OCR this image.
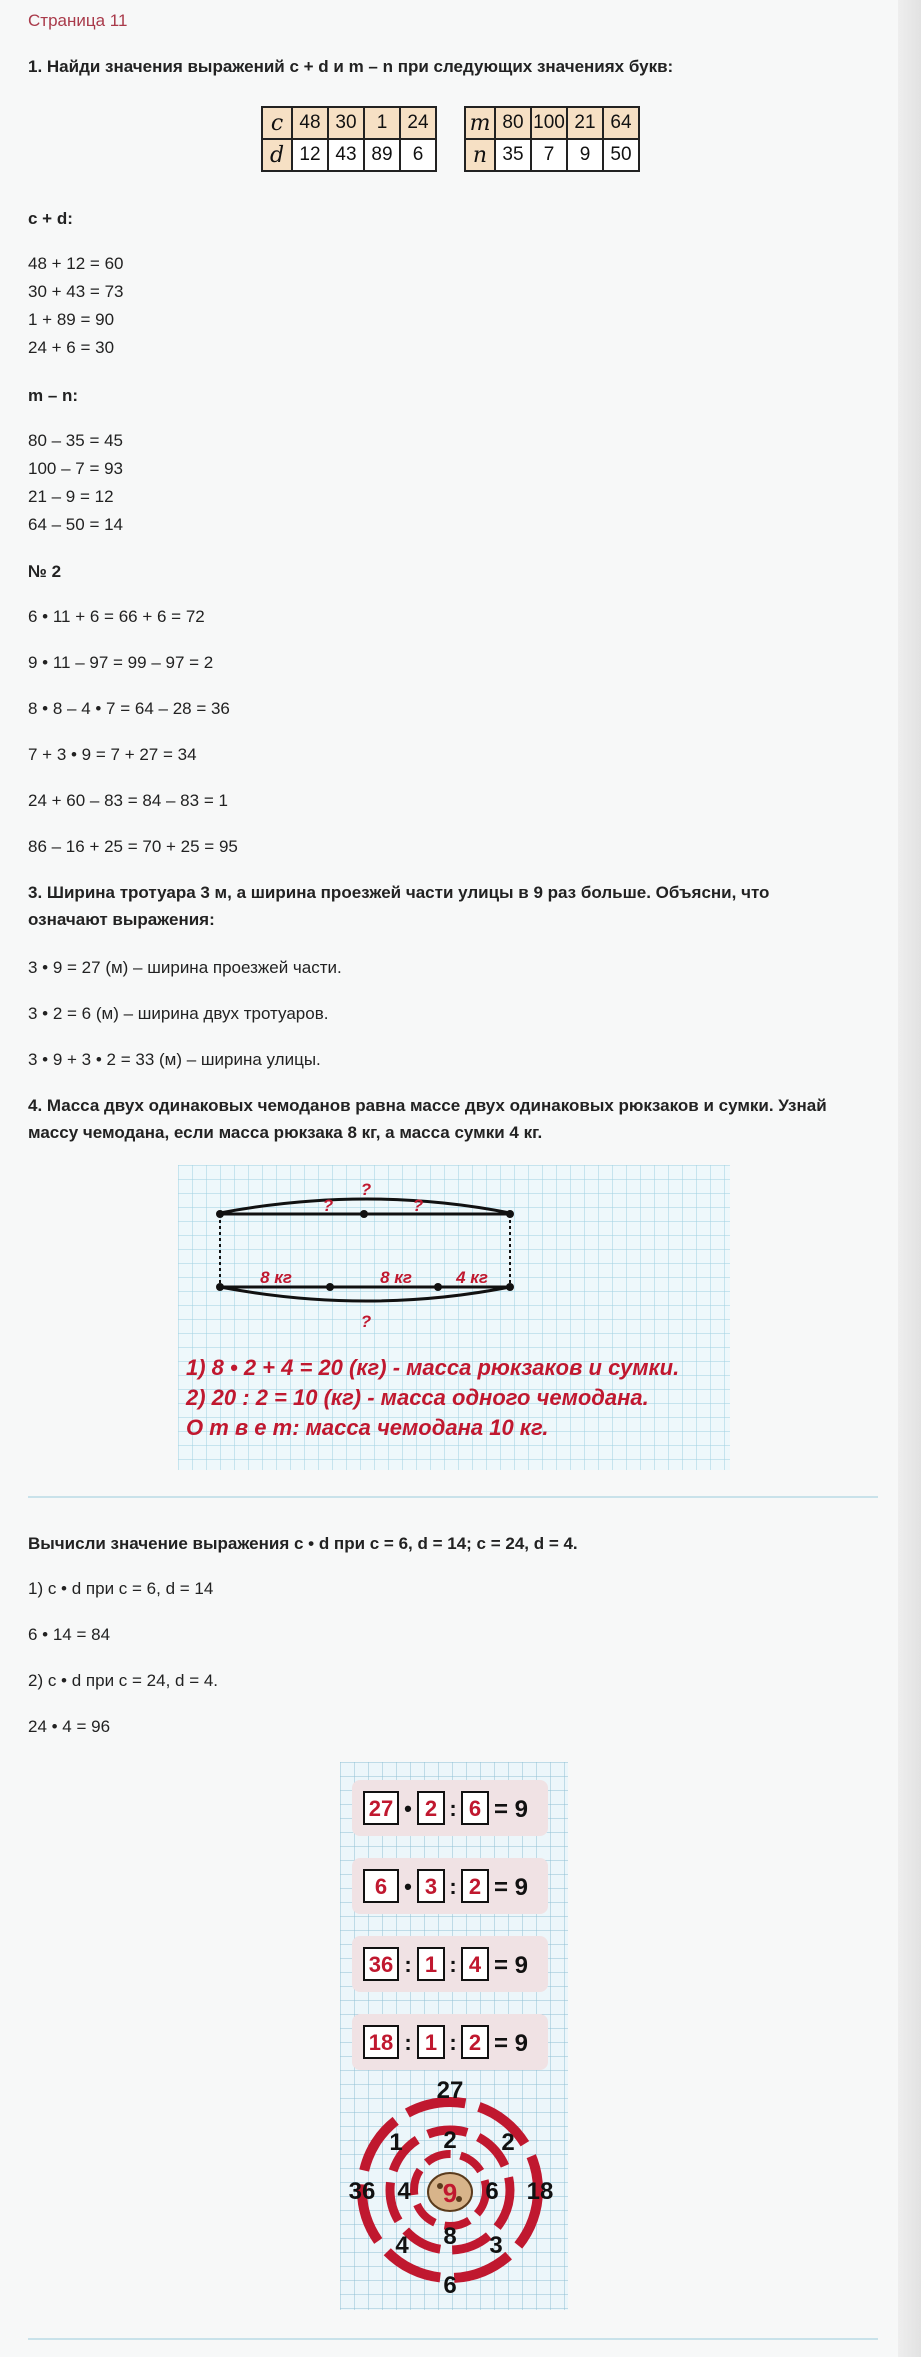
Страница 11
1. Найди значения выражений c + d и m – n при следующих значениях букв:
c	48	30	1	24
d	12	43	89	6
m	80	100	21	64
n	35	7	9	50
c + d:
48 + 12 = 60
30 + 43 = 73
1 + 89 = 90
24 + 6 = 30
m – n:
80 – 35 = 45
100 – 7 = 93
21 – 9 = 12
64 – 50 = 14
№ 2
6 • 11 + 6 = 66 + 6 = 72
9 • 11 – 97 = 99 – 97 = 2
8 • 8 – 4 • 7 = 64 – 28 = 36
7 + 3 • 9 = 7 + 27 = 34
24 + 60 – 83 = 84 – 83 = 1
86 – 16 + 25 = 70 + 25 = 95
3. Ширина тротуара 3 м, а ширина проезжей части улицы в 9 раз больше. Объясни, что
означают выражения:
3 • 9 = 27 (м) – ширина проезжей части.
3 • 2 = 6 (м) – ширина двух тротуаров.
3 • 9 + 3 • 2 = 33 (м) – ширина улицы.
4. Масса двух одинаковых чемоданов равна массе двух одинаковых рюкзаков и сумки. Узнай
массу чемодана, если масса рюкзака 8 кг, а масса сумки 4 кг.
?
?	?
8 кг	8 кг	4 кг
?
1) 8 • 2 + 4 = 20 (кг) - масса рюкзаков и сумки.
2) 20 : 2 = 10 (кг) - масса одного чемодана.
О т в е т: масса чемодана 10 кг.
Вычисли значение выражения c • d при c = 6, d = 14; c = 24, d = 4.
1) c • d при c = 6, d = 14
6 • 14 = 84
2) c • d при c = 24, d = 4.
24 • 4 = 96
27 2 6
• : = 9
6 3 2
• : = 9
36 1 4
: : = 9
18 1 2
: : = 9
27
18
6
36
1	2
3
4
2
6
8
4 9
